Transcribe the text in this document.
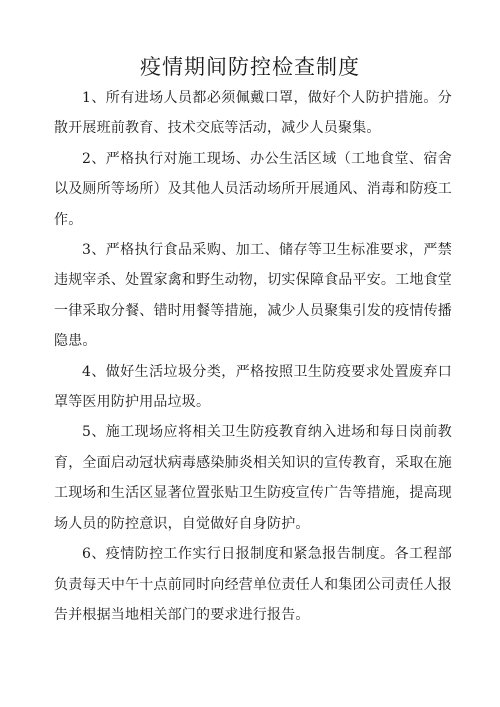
疫情期间防控检查制度

1、所有进场人员都必须佩戴口罩，做好个人防护措施。分散开展班前教育、技术交底等活动，减少人员聚集。

2、严格执行对施工现场、办公生活区域（工地食堂、宿舍以及厕所等场所）及其他人员活动场所开展通风、消毒和防疫工作。

3、严格执行食品采购、加工、储存等卫生标准要求，严禁违规宰杀、处置家禽和野生动物，切实保障食品平安。工地食堂一律采取分餐、错时用餐等措施，减少人员聚集引发的疫情传播隐患。

4、做好生活垃圾分类，严格按照卫生防疫要求处置废弃口罩等医用防护用品垃圾。

5、施工现场应将相关卫生防疫教育纳入进场和每日岗前教育，全面启动冠状病毒感染肺炎相关知识的宣传教育，采取在施工现场和生活区显著位置张贴卫生防疫宣传广告等措施，提高现场人员的防控意识，自觉做好自身防护。

6、疫情防控工作实行日报制度和紧急报告制度。各工程部负责每天中午十点前同时向经营单位责任人和集团公司责任人报告并根据当地相关部门的要求进行报告。
